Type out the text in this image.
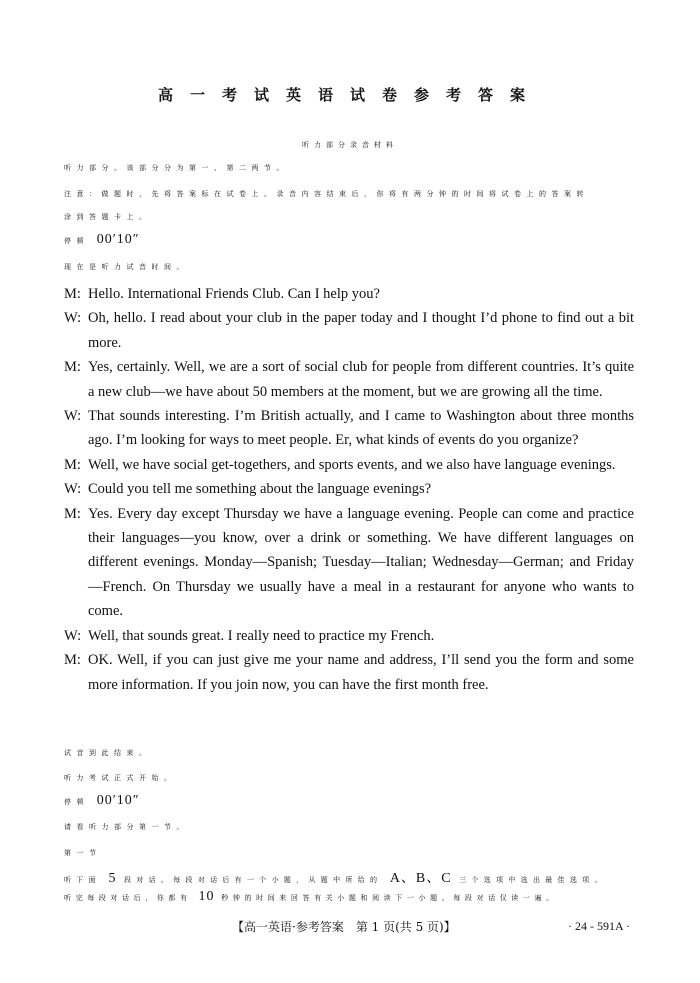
高一考试英语试卷参考答案
听力部分录音材料
听力部分。该部分分为第一、第二两节。
注意：做题时，先将答案标在试卷上。录音内容结束后，你将有两分钟的时间将试卷上的答案转
涂到答题卡上。
停顿 00′10″
现在是听力试音时间。

M: Hello. International Friends Club. Can I help you?

W: Oh, hello. I read about your club in the paper today and I thought I’d phone to find out a bit more.

M: Yes, certainly. Well, we are a sort of social club for people from different countries. It’s quite a new club—we have about 50 members at the moment, but we are growing all the time.

W: That sounds interesting. I’m British actually, and I came to Washington about three months ago. I’m looking for ways to meet people. Er, what kinds of events do you organize?

M: Well, we have social get-togethers, and sports events, and we also have language evenings.

W: Could you tell me something about the language evenings?

M: Yes. Every day except Thursday we have a language evening. People can come and practice their languages—you know, over a drink or something. We have different languages on different evenings. Monday—Spanish; Tuesday—Italian; Wednesday—German; and Friday—French. On Thursday we usually have a meal in a restaurant for anyone who wants to come.

W: Well, that sounds great. I really need to practice my French.

M: OK. Well, if you can just give me your name and address, I’ll send you the form and some more information. If you join now, you can have the first month free.

试音到此结束。
听力考试正式开始。
停顿 00′10″
请看听力部分第一节。
第一节
听下面 5 段对话。每段对话后有一个小题，从题中所给的 A、B、C 三个选项中选出最佳选项。
听完每段对话后，你都有 10 秒钟的时间来回答有关小题和阅读下一小题。每段对话仅读一遍。
【高一英语·参考答案　第 1 页(共 5 页)】	· 24 - 591A ·
